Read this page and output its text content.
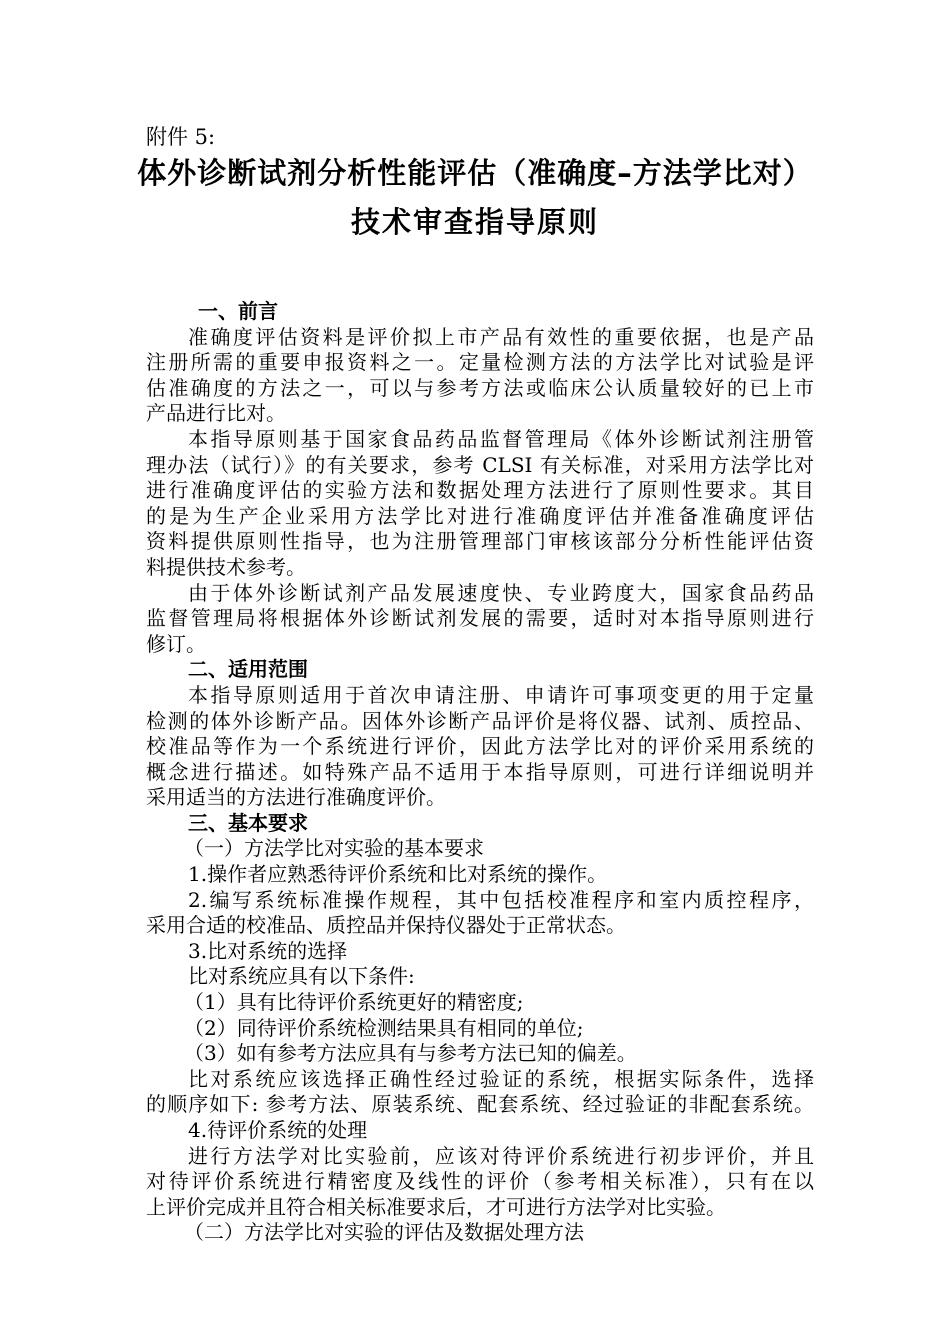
附件 5:
体外诊断试剂分析性能评估（准确度–方法学比对）
技术审查指导原则
一、前言
准确度评估资料是评价拟上市产品有效性的重要依据，也是产品
注册所需的重要申报资料之一。定量检测方法的方法学比对试验是评
估准确度的方法之一，可以与参考方法或临床公认质量较好的已上市
产品进行比对。
本指导原则基于国家食品药品监督管理局《体外诊断试剂注册管
理办法（试行）》的有关要求，参考 CLSI 有关标准，对采用方法学比对
进行准确度评估的实验方法和数据处理方法进行了原则性要求。其目
的是为生产企业采用方法学比对进行准确度评估并准备准确度评估
资料提供原则性指导，也为注册管理部门审核该部分分析性能评估资
料提供技术参考。
由于体外诊断试剂产品发展速度快、专业跨度大，国家食品药品
监督管理局将根据体外诊断试剂发展的需要，适时对本指导原则进行
修订。
二、适用范围
本指导原则适用于首次申请注册、申请许可事项变更的用于定量
检测的体外诊断产品。因体外诊断产品评价是将仪器、试剂、质控品、
校准品等作为一个系统进行评价，因此方法学比对的评价采用系统的
概念进行描述。如特殊产品不适用于本指导原则，可进行详细说明并
采用适当的方法进行准确度评价。
三、基本要求
（一）方法学比对实验的基本要求
1.操作者应熟悉待评价系统和比对系统的操作。
2.编写系统标准操作规程，其中包括校准程序和室内质控程序，
采用合适的校准品、质控品并保持仪器处于正常状态。
3.比对系统的选择
比对系统应具有以下条件:
（1）具有比待评价系统更好的精密度;
（2）同待评价系统检测结果具有相同的单位;
（3）如有参考方法应具有与参考方法已知的偏差。
比对系统应该选择正确性经过验证的系统，根据实际条件，选择
的顺序如下: 参考方法、原装系统、配套系统、经过验证的非配套系统。
4.待评价系统的处理
进行方法学对比实验前，应该对待评价系统进行初步评价，并且
对待评价系统进行精密度及线性的评价（参考相关标准），只有在以
上评价完成并且符合相关标准要求后，才可进行方法学对比实验。
（二）方法学比对实验的评估及数据处理方法
